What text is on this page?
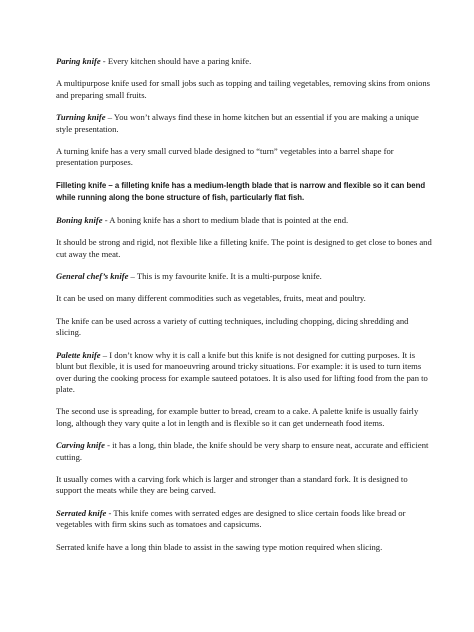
Paring knife - Every kitchen should have a paring knife.

A multipurpose knife used for small jobs such as topping and tailing vegetables, removing skins from onions and preparing small fruits.

Turning knife – You won’t always find these in home kitchen but an essential if you are making a unique style presentation.

A turning knife has a very small curved blade designed to “turn” vegetables into a barrel shape for presentation purposes.

Filleting knife – a filleting knife has a medium-length blade that is narrow and flexible so it can bend while running along the bone structure of fish, particularly flat fish.

Boning knife - A boning knife has a short to medium blade that is pointed at the end.

It should be strong and rigid, not flexible like a filleting knife. The point is designed to get close to bones and cut away the meat.

General chef’s knife – This is my favourite knife. It is a multi-purpose knife.

It can be used on many different commodities such as vegetables, fruits, meat and poultry.

The knife can be used across a variety of cutting techniques, including chopping, dicing shredding and slicing.

Palette knife – I don’t know why it is call a knife but this knife is not designed for cutting purposes. It is blunt but flexible, it is used for manoeuvring around tricky situations. For example: it is used to turn items over during the cooking process for example sauteed potatoes. It is also used for lifting food from the pan to plate.

The second use is spreading, for example butter to bread, cream to a cake. A palette knife is usually fairly long, although they vary quite a lot in length and is flexible so it can get underneath food items.

Carving knife - it has a long, thin blade, the knife should be very sharp to ensure neat, accurate and efficient cutting.

It usually comes with a carving fork which is larger and stronger than a standard fork. It is designed to support the meats while they are being carved.

Serrated knife - This knife comes with serrated edges are designed to slice certain foods like bread or vegetables with firm skins such as tomatoes and capsicums.

Serrated knife have a long thin blade to assist in the sawing type motion required when slicing.
